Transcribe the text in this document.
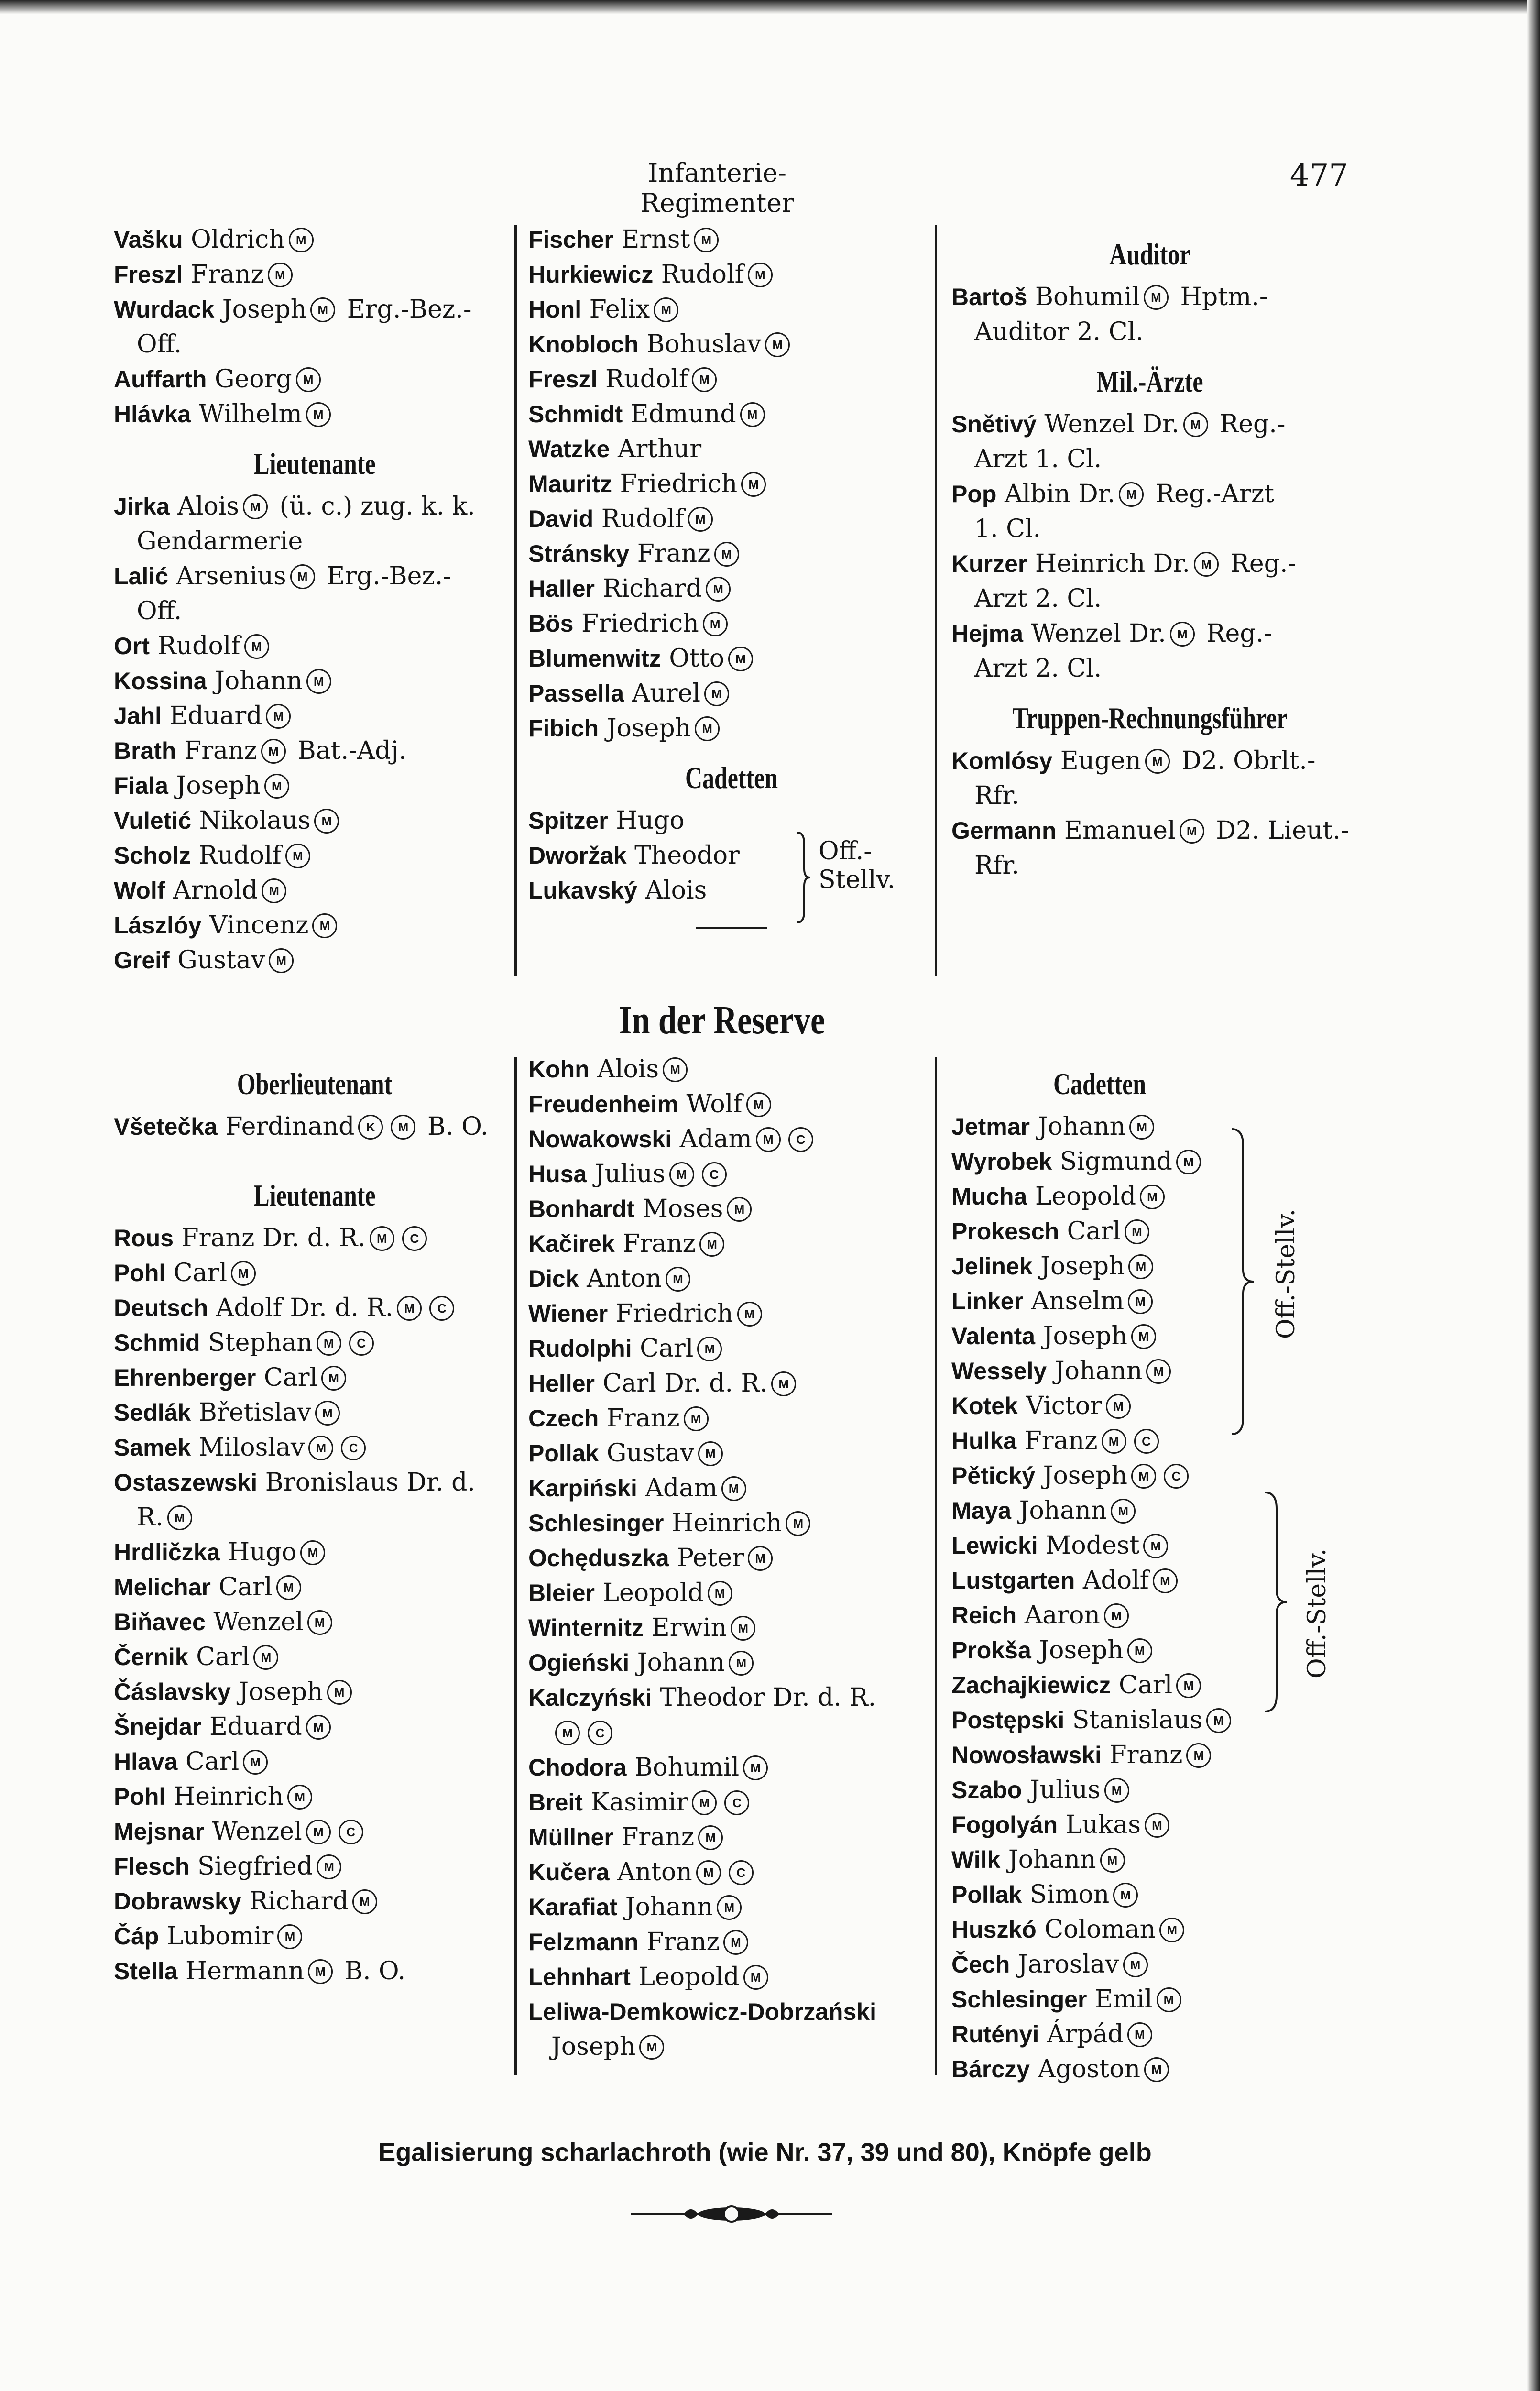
Infanterie-Regimenter
477
Vašku Oldrich M
Freszl Franz M
Wurdack Joseph M Erg.-Bez.-
Off.
Auffarth Georg M
Hlávka Wilhelm M
Lieutenante
Jirka Alois M (ü. c.) zug. k. k.
Gendarmerie
Lalić Arsenius M Erg.-Bez.-
Off.
Ort Rudolf M
Kossina Johann M
Jahl Eduard M
Brath Franz M Bat.-Adj.
Fiala Joseph M
Vuletić Nikolaus M
Scholz Rudolf M
Wolf Arnold M
Lászlóy Vincenz M
Greif Gustav M
Fischer Ernst M
Hurkiewicz Rudolf M
Honl Felix M
Knobloch Bohuslav M
Freszl Rudolf M
Schmidt Edmund M
Watzke Arthur
Mauritz Friedrich M
David Rudolf M
Stránsky Franz M
Haller Richard M
Bös Friedrich M
Blumenwitz Otto M
Passella Aurel M
Fibich Joseph M
Cadetten
Spitzer Hugo
Dworžak Theodor
Lukavský Alois
Auditor
Bartoš Bohumil M Hptm.-
Auditor 2. Cl.
Mil.-Ärzte
Snětivý Wenzel Dr. M Reg.-
Arzt 1. Cl.
Pop Albin Dr. M Reg.-Arzt
1. Cl.
Kurzer Heinrich Dr. M Reg.-
Arzt 2. Cl.
Hejma Wenzel Dr. M Reg.-
Arzt 2. Cl.
Truppen-Rechnungsführer
Komlósy Eugen M D2. Obrlt.-
Rfr.
Germann Emanuel M D2. Lieut.-
Rfr.
Off.-
Stellv.
In der Reserve
Oberlieutenant
Všetečka Ferdinand K M B. O.
Lieutenante
Rous Franz Dr. d. R. M C
Pohl Carl M
Deutsch Adolf Dr. d. R. M C
Schmid Stephan M C
Ehrenberger Carl M
Sedlák Břetislav M
Samek Miloslav M C
Ostaszewski Bronislaus Dr. d.
R. M
Hrdličzka Hugo M
Melichar Carl M
Biňavec Wenzel M
Černik Carl M
Čáslavsky Joseph M
Šnejdar Eduard M
Hlava Carl M
Pohl Heinrich M
Mejsnar Wenzel M C
Flesch Siegfried M
Dobrawsky Richard M
Čáp Lubomir M
Stella Hermann M B. O.
Kohn Alois M
Freudenheim Wolf M
Nowakowski Adam M C
Husa Julius M C
Bonhardt Moses M
Kačirek Franz M
Dick Anton M
Wiener Friedrich M
Rudolphi Carl M
Heller Carl Dr. d. R. M
Czech Franz M
Pollak Gustav M
Karpiński Adam M
Schlesinger Heinrich M
Ochęduszka Peter M
Bleier Leopold M
Winternitz Erwin M
Ogieński Johann M
Kalczyński Theodor Dr. d. R.
M C
Chodora Bohumil M
Breit Kasimir M C
Müllner Franz M
Kučera Anton M C
Karafiat Johann M
Felzmann Franz M
Lehnhart Leopold M
Leliwa-Demkowicz-Dobrzański
Joseph M
Cadetten
Jetmar Johann M
Wyrobek Sigmund M
Mucha Leopold M
Prokesch Carl M
Jelinek Joseph M
Linker Anselm M
Valenta Joseph M
Wessely Johann M
Kotek Victor M
Hulka Franz M C
Pětický Joseph M C
Maya Johann M
Lewicki Modest M
Lustgarten Adolf M
Reich Aaron M
Prokša Joseph M
Zachajkiewicz Carl M
Postępski Stanislaus M
Nowosławski Franz M
Szabo Julius M
Fogolyán Lukas M
Wilk Johann M
Pollak Simon M
Huszkó Coloman M
Čech Jaroslav M
Schlesinger Emil M
Rutényi Árpád M
Bárczy Agoston M
Off.-Stellv.
Off.-Stellv.
Egalisierung scharlachroth (wie Nr. 37, 39 und 80), Knöpfe gelb
